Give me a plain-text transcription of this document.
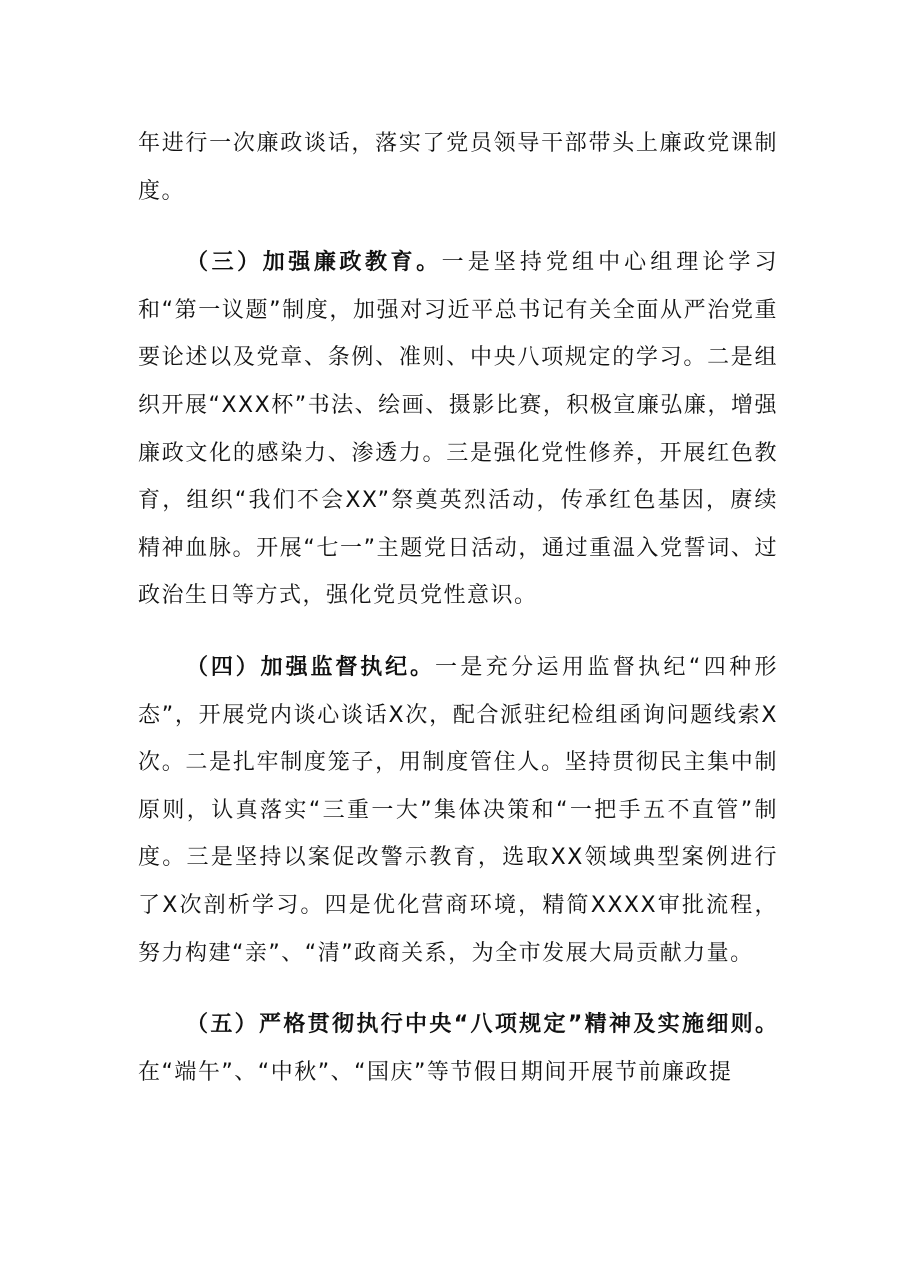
年进行一次廉政谈话，落实了党员领导干部带头上廉政党课制度。

（三）加强廉政教育。一是坚持党组中心组理论学习和“第一议题”制度，加强对习近平总书记有关全面从严治党重要论述以及党章、条例、准则、中央八项规定的学习。二是组织开展“XXX杯”书法、绘画、摄影比赛，积极宣廉弘廉，增强廉政文化的感染力、渗透力。三是强化党性修养，开展红色教育，组织“我们不会XX”祭奠英烈活动，传承红色基因，赓续精神血脉。开展“七一”主题党日活动，通过重温入党誓词、过政治生日等方式，强化党员党性意识。

（四）加强监督执纪。一是充分运用监督执纪“四种形态”，开展党内谈心谈话X次，配合派驻纪检组函询问题线索X次。二是扎牢制度笼子，用制度管住人。坚持贯彻民主集中制原则，认真落实“三重一大”集体决策和“一把手五不直管”制度。三是坚持以案促改警示教育，选取XX领域典型案例进行了X次剖析学习。四是优化营商环境，精简XXXX审批流程，努力构建“亲”、“清”政商关系，为全市发展大局贡献力量。

（五）严格贯彻执行中央“八项规定”精神及实施细则。在“端午”、“中秋”、“国庆”等节假日期间开展节前廉政提
